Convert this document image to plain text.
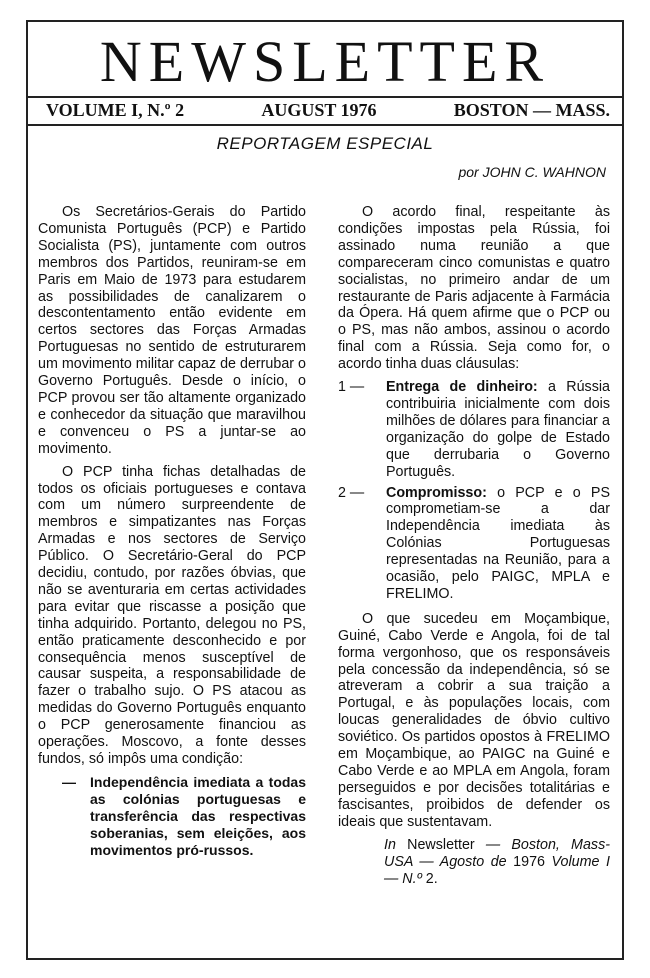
NEWSLETTER
VOLUME I, N.º 2	AUGUST 1976	BOSTON — MASS.
REPORTAGEM ESPECIAL
por JOHN C. WAHNON

Os Secretários-Gerais do Partido Comunista Português (PCP) e Partido Socialista (PS), juntamente com outros membros dos Partidos, reuniram-se em Paris em Maio de 1973 para estudarem as possibilidades de canalizarem o descontentamento então evidente em certos sectores das Forças Armadas Portuguesas no sentido de estruturarem um movimento militar capaz de derrubar o Governo Português. Desde o início, o PCP provou ser tão altamente organizado e conhecedor da situação que maravilhou e convenceu o PS a juntar-se ao movimento.

O PCP tinha fichas detalhadas de todos os oficiais portugueses e contava com um número surpreendente de membros e simpatizantes nas Forças Armadas e nos sectores de Serviço Público. O Secretário-Geral do PCP decidiu, contudo, por razões óbvias, que não se aventuraria em certas actividades para evitar que riscasse a posição que tinha adquirido. Portanto, delegou no PS, então praticamente desconhecido e por consequência menos susceptível de causar suspeita, a responsabilidade de fazer o trabalho sujo. O PS atacou as medidas do Governo Português enquanto o PCP generosamente financiou as operações. Moscovo, a fonte desses fundos, só impôs uma condição:

— Independência imediata a todas as colónias portuguesas e transferência das respectivas soberanias, sem eleições, aos movimentos pró-russos.

O acordo final, respeitante às condições impostas pela Rússia, foi assinado numa reunião a que compareceram cinco comunistas e quatro socialistas, no primeiro andar de um restaurante de Paris adjacente à Farmácia da Ópera. Há quem afirme que o PCP ou o PS, mas não ambos, assinou o acordo final com a Rússia. Seja como for, o acordo tinha duas cláusulas:

1 — Entrega de dinheiro: a Rússia contribuiria inicialmente com dois milhões de dólares para financiar a organização do golpe de Estado que derrubaria o Governo Português.
2 — Compromisso: o PCP e o PS comprometiam-se a dar Independência imediata às Colónias Portuguesas representadas na Reunião, para a ocasião, pelo PAIGC, MPLA e FRELIMO.

O que sucedeu em Moçambique, Guiné, Cabo Verde e Angola, foi de tal forma vergonhoso, que os responsáveis pela concessão da independência, só se atreveram a cobrir a sua traição a Portugal, e às populações locais, com loucas generalidades de óbvio cultivo soviético. Os partidos opostos à FRELIMO em Moçambique, ao PAIGC na Guiné e Cabo Verde e ao MPLA em Angola, foram perseguidos e por decisões totalitárias e fascisantes, proibidos de defender os ideais que sustentavam.

In Newsletter — Boston, Mass-USA — Agosto de 1976 Volume I — N.º 2.
